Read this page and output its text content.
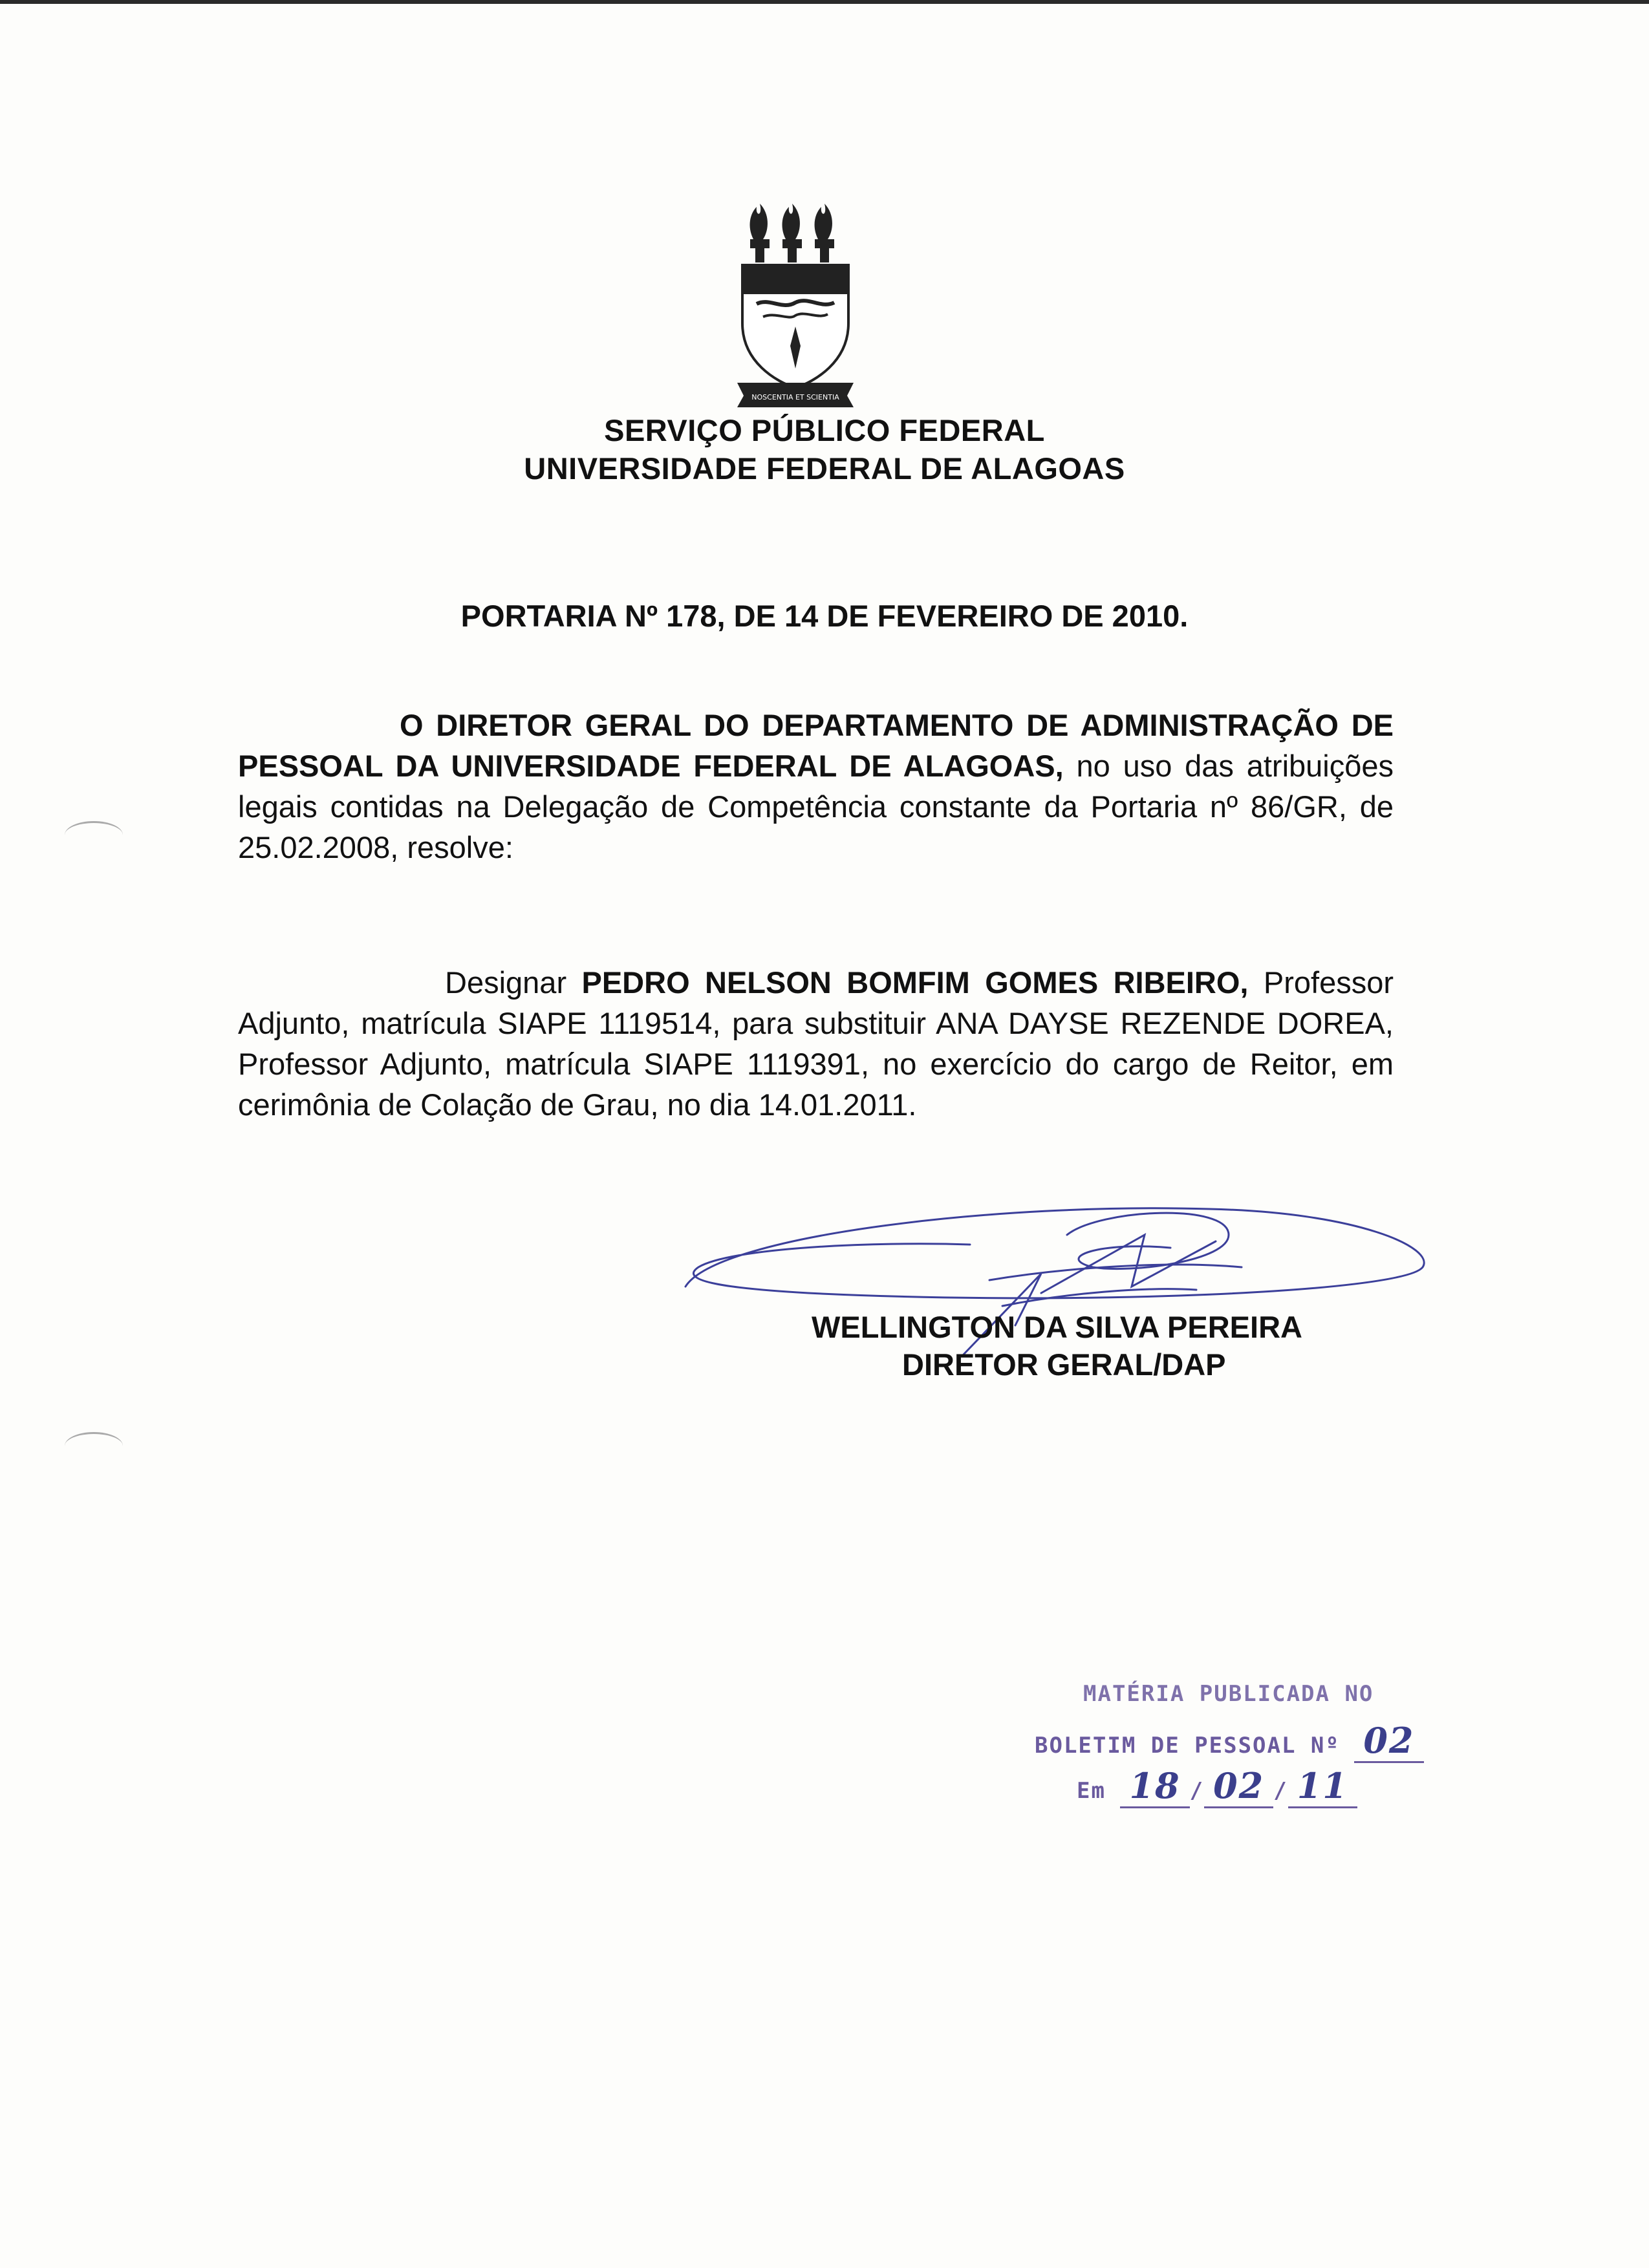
NOSCENTIA ET SCIENTIA
SERVIÇO PÚBLICO FEDERAL
UNIVERSIDADE FEDERAL DE ALAGOAS
PORTARIA Nº 178, DE 14 DE FEVEREIRO DE 2010.
O DIRETOR GERAL DO DEPARTAMENTO DE ADMINISTRAÇÃO DE PESSOAL DA UNIVERSIDADE FEDERAL DE ALAGOAS, no uso das atribuições legais contidas na Delegação de Competência constante da Portaria nº 86/GR, de 25.02.2008, resolve:
Designar PEDRO NELSON BOMFIM GOMES RIBEIRO, Professor Adjunto, matrícula SIAPE 1119514, para substituir ANA DAYSE REZENDE DOREA, Professor Adjunto, matrícula SIAPE 1119391, no exercício do cargo de Reitor, em cerimônia de Colação de Grau, no dia 14.01.2011.
WELLINGTON DA SILVA PEREIRA
DIRETOR GERAL/DAP
MATÉRIA PUBLICADA NO
BOLETIM DE PESSOAL Nº 02
Em 18 / 02 / 11
